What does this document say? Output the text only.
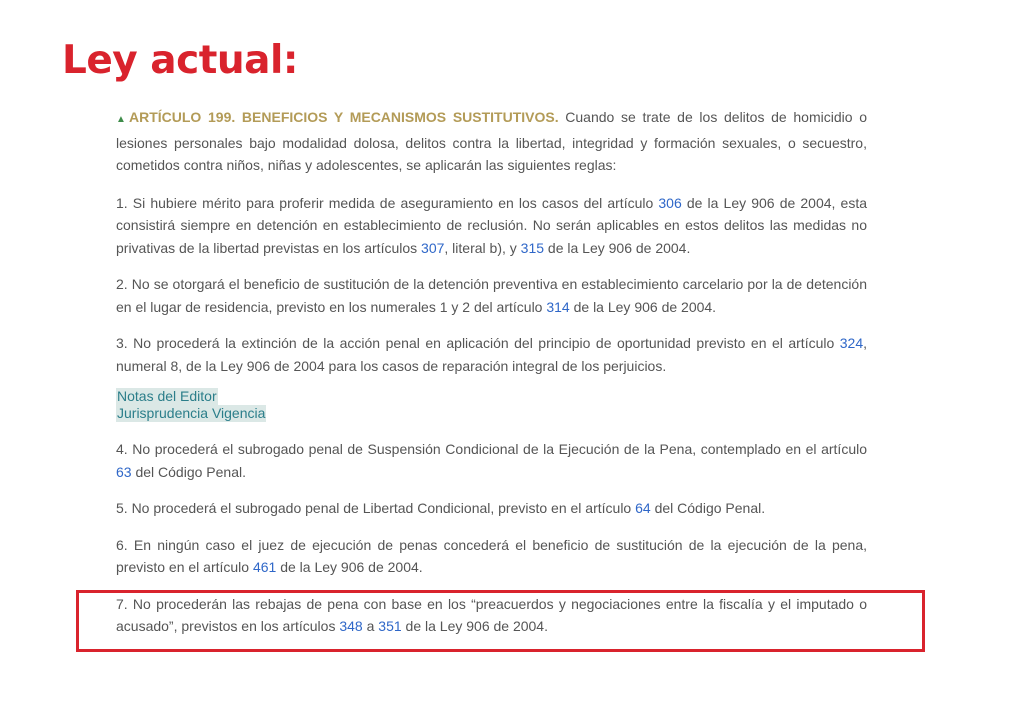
Ley actual:

▲ ARTÍCULO 199. BENEFICIOS Y MECANISMOS SUSTITUTIVOS. Cuando se trate de los delitos de homicidio o lesiones personales bajo modalidad dolosa, delitos contra la libertad, integridad y formación sexuales, o secuestro, cometidos contra niños, niñas y adolescentes, se aplicarán las siguientes reglas:

1. Si hubiere mérito para proferir medida de aseguramiento en los casos del artículo 306 de la Ley 906 de 2004, esta consistirá siempre en detención en establecimiento de reclusión. No serán aplicables en estos delitos las medidas no privativas de la libertad previstas en los artículos 307, literal b), y 315 de la Ley 906 de 2004.

2. No se otorgará el beneficio de sustitución de la detención preventiva en establecimiento carcelario por la de detención en el lugar de residencia, previsto en los numerales 1 y 2 del artículo 314 de la Ley 906 de 2004.

3. No procederá la extinción de la acción penal en aplicación del principio de oportunidad previsto en el artículo 324, numeral 8, de la Ley 906 de 2004 para los casos de reparación integral de los perjuicios.

Notas del Editor
Jurisprudencia Vigencia

4. No procederá el subrogado penal de Suspensión Condicional de la Ejecución de la Pena, contemplado en el artículo 63 del Código Penal.

5. No procederá el subrogado penal de Libertad Condicional, previsto en el artículo 64 del Código Penal.

6. En ningún caso el juez de ejecución de penas concederá el beneficio de sustitución de la ejecución de la pena, previsto en el artículo 461 de la Ley 906 de 2004.

7. No procederán las rebajas de pena con base en los “preacuerdos y negociaciones entre la fiscalía y el imputado o acusado”, previstos en los artículos 348 a 351 de la Ley 906 de 2004.
